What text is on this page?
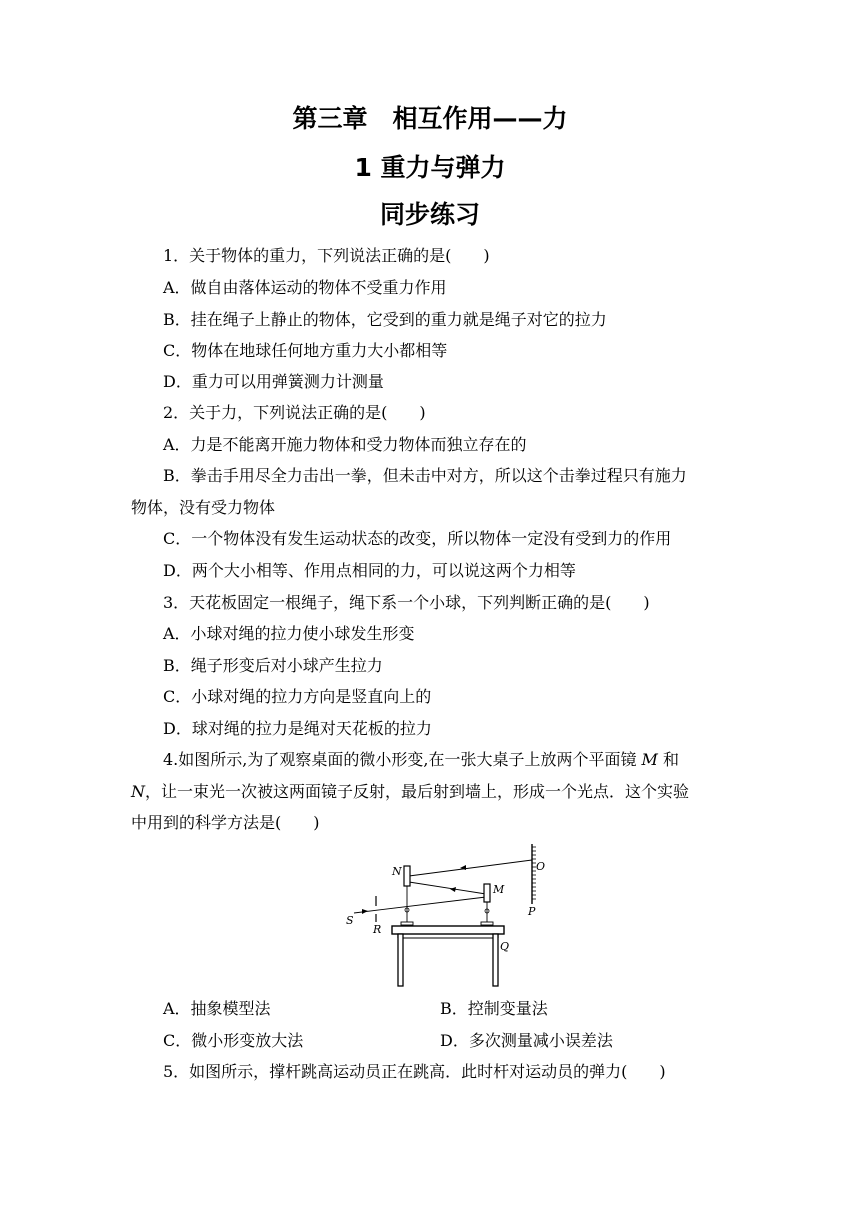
第三章　相互作用——力
1 重力与弹力
同步练习

1．关于物体的重力，下列说法正确的是(　　)

A．做自由落体运动的物体不受重力作用

B．挂在绳子上静止的物体，它受到的重力就是绳子对它的拉力

C．物体在地球任何地方重力大小都相等

D．重力可以用弹簧测力计测量

2．关于力，下列说法正确的是(　　)

A．力是不能离开施力物体和受力物体而独立存在的

B．拳击手用尽全力击出一拳，但未击中对方，所以这个击拳过程只有施力

物体，没有受力物体

C．一个物体没有发生运动状态的改变，所以物体一定没有受到力的作用

D．两个大小相等、作用点相同的力，可以说这两个力相等

3．天花板固定一根绳子，绳下系一个小球，下列判断正确的是(　　)

A．小球对绳的拉力使小球发生形变

B．绳子形变后对小球产生拉力

C．小球对绳的拉力方向是竖直向上的

D．球对绳的拉力是绳对天花板的拉力

4.如图所示,为了观察桌面的微小形变,在一张大桌子上放两个平面镜 M 和

N，让一束光一次被这两面镜子反射，最后射到墙上，形成一个光点．这个实验

中用到的科学方法是(　　)

N
M
O
P
S
R
Q

A．抽象模型法	B．控制变量法

C．微小形变放大法	D．多次测量减小误差法

5．如图所示，撑杆跳高运动员正在跳高．此时杆对运动员的弹力(　　)
